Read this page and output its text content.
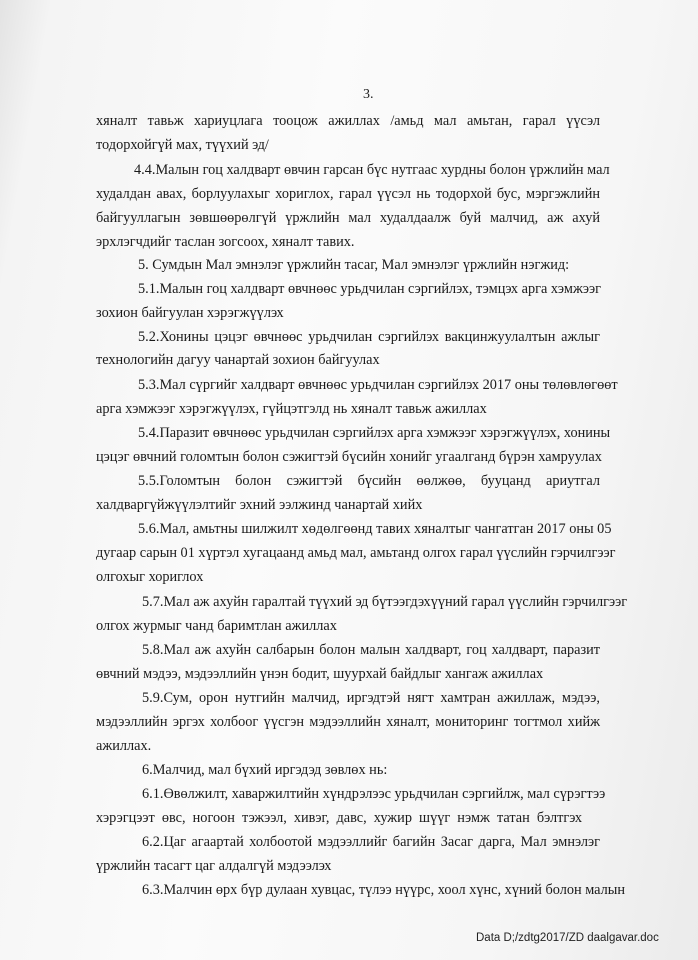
3.
хяналт тавьж хариуцлага тооцож ажиллах /амьд мал амьтан, гарал үүсэл
тодорхойгүй мах, түүхий эд/
4.4.Малын гоц халдварт өвчин гарсан бүс нутгаас хурдны болон үржлийн мал
худалдан авах, борлуулахыг хориглох, гарал үүсэл нь тодорхой бус, мэргэжлийн
байгууллагын зөвшөөрөлгүй үржлийн мал худалдаалж буй малчид, аж ахуй
эрхлэгчдийг таслан зогсоох, хяналт тавих.
5. Сумдын Мал эмнэлэг үржлийн тасаг, Мал эмнэлэг үржлийн нэгжид:
5.1.Малын гоц халдварт өвчнөөс урьдчилан сэргийлэх, тэмцэх арга хэмжээг
зохион байгуулан хэрэгжүүлэх
5.2.Хонины цэцэг өвчнөөс урьдчилан сэргийлэх вакцинжуулалтын ажлыг
технологийн дагуу чанартай зохион байгуулах
5.3.Мал сүргийг халдварт өвчнөөс урьдчилан сэргийлэх 2017 оны төлөвлөгөөт
арга хэмжээг хэрэгжүүлэх, гүйцэтгэлд нь хяналт тавьж ажиллах
5.4.Паразит өвчнөөс урьдчилан сэргийлэх арга хэмжээг хэрэгжүүлэх, хонины
цэцэг өвчний голомтын болон сэжигтэй бүсийн хонийг угаалганд бүрэн хамруулах
5.5.Голомтын болон сэжигтэй бүсийн өөлжөө, бууцанд ариутгал
халдваргүйжүүлэлтийг эхний ээлжинд чанартай хийх
5.6.Мал, амьтны шилжилт хөдөлгөөнд тавих хяналтыг чангатган 2017 оны 05
дугаар сарын 01 хүртэл хугацаанд амьд мал, амьтанд олгох гарал үүслийн гэрчилгээг
олгохыг хориглох
5.7.Мал аж ахуйн гаралтай түүхий эд бүтээгдэхүүний гарал үүслийн гэрчилгээг
олгох журмыг чанд баримтлан ажиллах
5.8.Мал аж ахуйн салбарын болон малын халдварт, гоц халдварт, паразит
өвчний мэдээ, мэдээллийн үнэн бодит, шуурхай байдлыг хангаж ажиллах
5.9.Сум, орон нутгийн малчид, иргэдтэй нягт хамтран ажиллаж, мэдээ,
мэдээллийн эргэх холбоог үүсгэн мэдээллийн хяналт, мониторинг тогтмол хийж
ажиллах.
6.Малчид, мал бүхий иргэдэд зөвлөх нь:
6.1.Өвөлжилт, хаваржилтийн хүндрэлээс урьдчилан сэргийлж, мал сүрэгтээ
хэрэгцээт өвс, ногоон тэжээл, хивэг, давс, хужир шүүг нэмж татан бэлтгэх
6.2.Цаг агаартай холбоотой мэдээллийг багийн Засаг дарга, Мал эмнэлэг
үржлийн тасагт цаг алдалгүй мэдээлэх
6.3.Малчин өрх бүр дулаан хувцас, түлээ нүүрс, хоол хүнс, хүний болон малын
Data D;/zdtg2017/ZD daalgavar.doc
